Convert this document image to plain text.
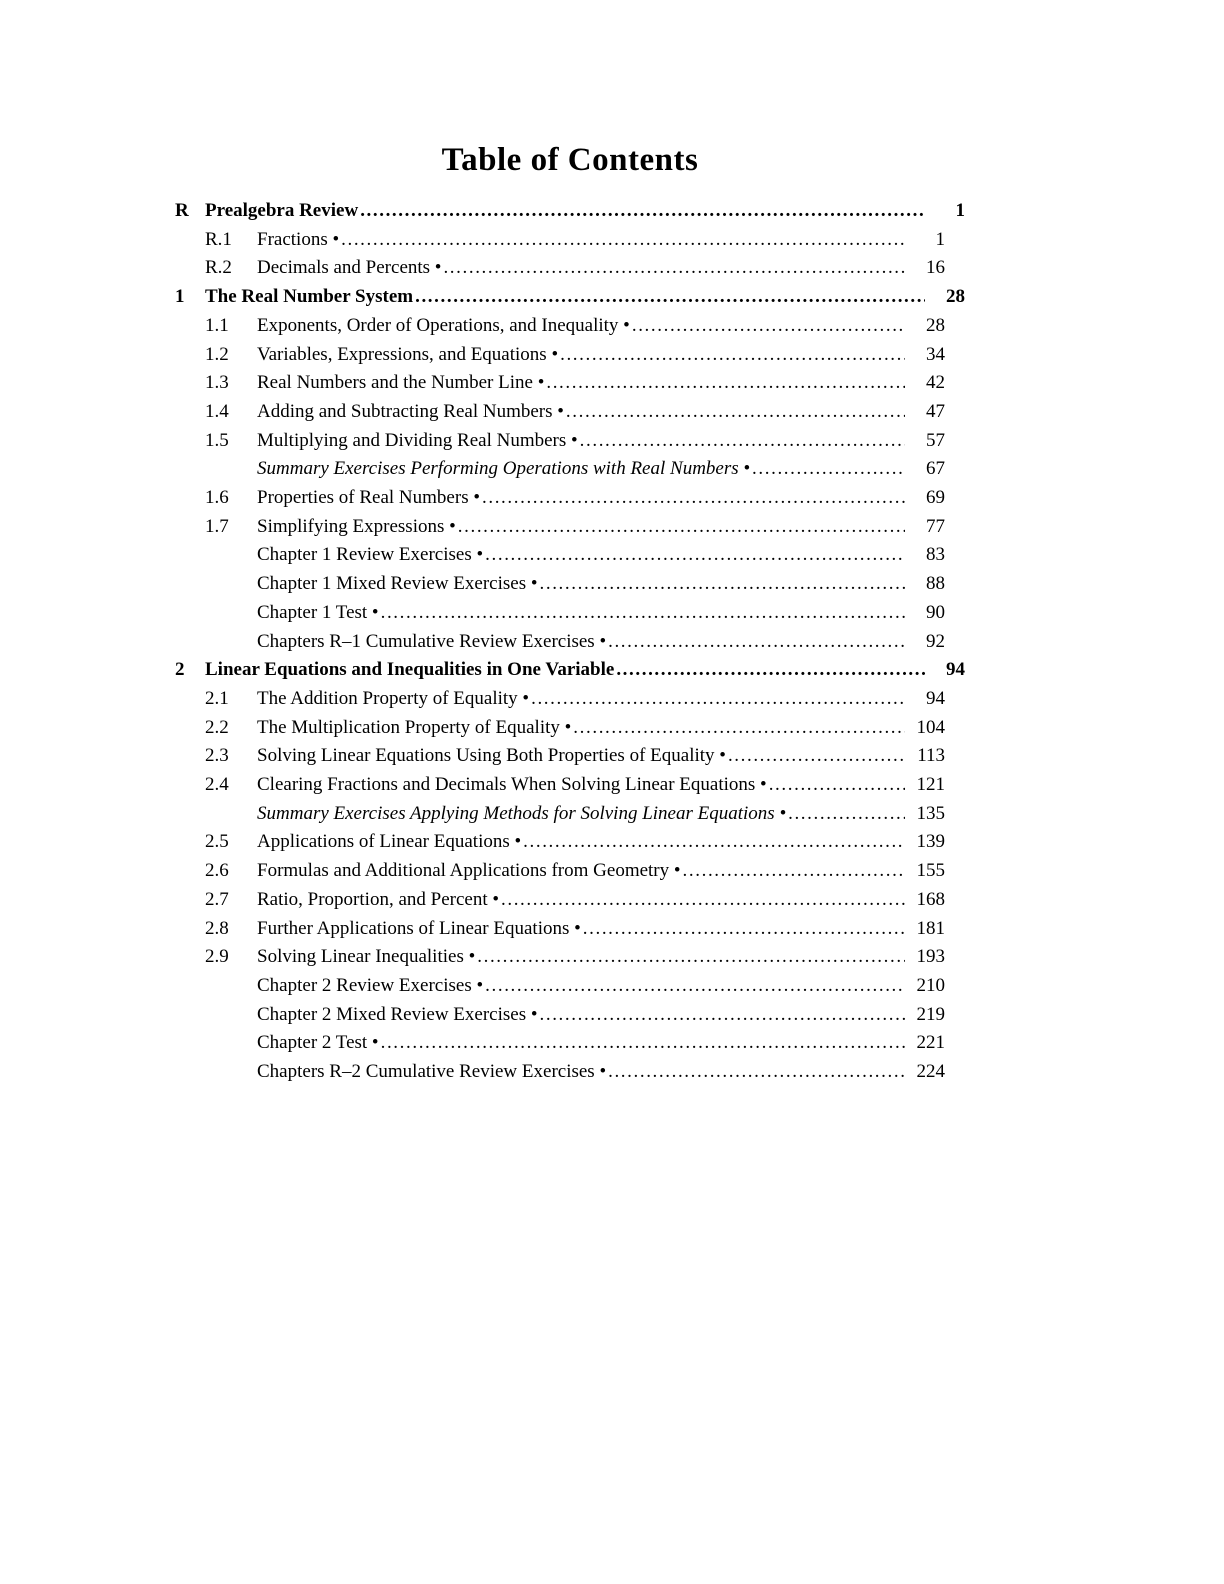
Table of Contents
R Prealgebra Review .....	1
R.1	Fractions • .....	1
R.2	Decimals and Percents • .....	16
1	The Real Number System .....	28
1.1	Exponents, Order of Operations, and Inequality • .....	28
1.2	Variables, Expressions, and Equations • .....	34
1.3	Real Numbers and the Number Line • .....	42
1.4	Adding and Subtracting Real Numbers • .....	47
1.5	Multiplying and Dividing Real Numbers • .....	57
Summary Exercises Performing Operations with Real Numbers • .....	67
1.6	Properties of Real Numbers • .....	69
1.7	Simplifying Expressions • .....	77
Chapter 1 Review Exercises • .....	83
Chapter 1 Mixed Review Exercises • .....	88
Chapter 1 Test • .....	90
Chapters R–1 Cumulative Review Exercises • .....	92
2	Linear Equations and Inequalities in One Variable .....	94
2.1	The Addition Property of Equality • .....	94
2.2	The Multiplication Property of Equality • .....	104
2.3	Solving Linear Equations Using Both Properties of Equality • .....	113
2.4	Clearing Fractions and Decimals When Solving Linear Equations • .....	121
Summary Exercises Applying Methods for Solving Linear Equations • .....	135
2.5	Applications of Linear Equations • .....	139
2.6	Formulas and Additional Applications from Geometry • .....	155
2.7	Ratio, Proportion, and Percent • .....	168
2.8	Further Applications of Linear Equations • .....	181
2.9	Solving Linear Inequalities • .....	193
Chapter 2 Review Exercises • .....	210
Chapter 2 Mixed Review Exercises • .....	219
Chapter 2 Test • .....	221
Chapters R–2 Cumulative Review Exercises • .....	224
